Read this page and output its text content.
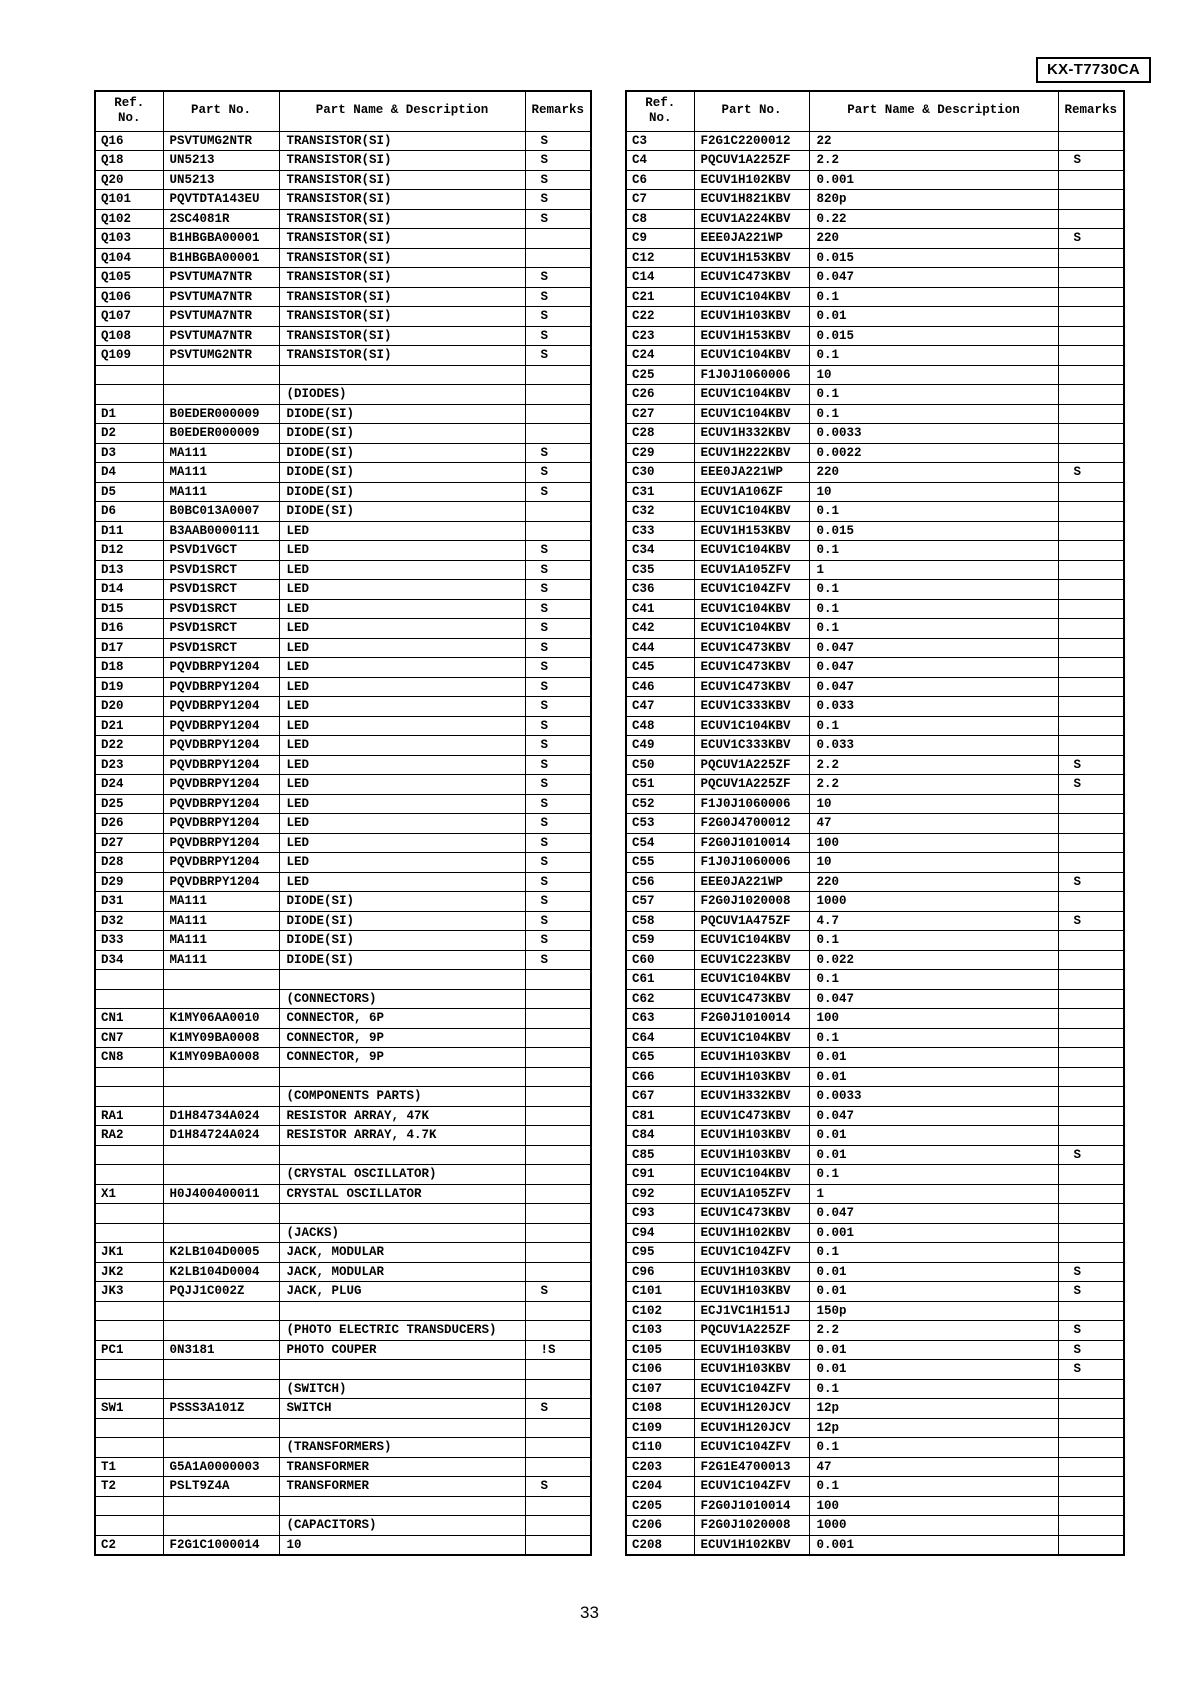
KX-T7730CA
Ref.
No.	Part No.	Part Name & Description	Remarks
Q16	PSVTUMG2NTR	TRANSISTOR(SI)	S
Q18	UN5213	TRANSISTOR(SI)	S
Q20	UN5213	TRANSISTOR(SI)	S
Q101	PQVTDTA143EU	TRANSISTOR(SI)	S
Q102	2SC4081R	TRANSISTOR(SI)	S
Q103	B1HBGBA00001	TRANSISTOR(SI)	
Q104	B1HBGBA00001	TRANSISTOR(SI)	
Q105	PSVTUMA7NTR	TRANSISTOR(SI)	S
Q106	PSVTUMA7NTR	TRANSISTOR(SI)	S
Q107	PSVTUMA7NTR	TRANSISTOR(SI)	S
Q108	PSVTUMA7NTR	TRANSISTOR(SI)	S
Q109	PSVTUMG2NTR	TRANSISTOR(SI)	S

		(DIODES)	
D1	B0EDER000009	DIODE(SI)	
D2	B0EDER000009	DIODE(SI)	
D3	MA111	DIODE(SI)	S
D4	MA111	DIODE(SI)	S
D5	MA111	DIODE(SI)	S
D6	B0BC013A0007	DIODE(SI)	
D11	B3AAB0000111	LED	
D12	PSVD1VGCT	LED	S
D13	PSVD1SRCT	LED	S
D14	PSVD1SRCT	LED	S
D15	PSVD1SRCT	LED	S
D16	PSVD1SRCT	LED	S
D17	PSVD1SRCT	LED	S
D18	PQVDBRPY1204	LED	S
D19	PQVDBRPY1204	LED	S
D20	PQVDBRPY1204	LED	S
D21	PQVDBRPY1204	LED	S
D22	PQVDBRPY1204	LED	S
D23	PQVDBRPY1204	LED	S
D24	PQVDBRPY1204	LED	S
D25	PQVDBRPY1204	LED	S
D26	PQVDBRPY1204	LED	S
D27	PQVDBRPY1204	LED	S
D28	PQVDBRPY1204	LED	S
D29	PQVDBRPY1204	LED	S
D31	MA111	DIODE(SI)	S
D32	MA111	DIODE(SI)	S
D33	MA111	DIODE(SI)	S
D34	MA111	DIODE(SI)	S

		(CONNECTORS)	
CN1	K1MY06AA0010	CONNECTOR, 6P	
CN7	K1MY09BA0008	CONNECTOR, 9P	
CN8	K1MY09BA0008	CONNECTOR, 9P	

		(COMPONENTS PARTS)	
RA1	D1H84734A024	RESISTOR ARRAY, 47K	
RA2	D1H84724A024	RESISTOR ARRAY, 4.7K	

		(CRYSTAL OSCILLATOR)	
X1	H0J400400011	CRYSTAL OSCILLATOR	

		(JACKS)	
JK1	K2LB104D0005	JACK, MODULAR	
JK2	K2LB104D0004	JACK, MODULAR	
JK3	PQJJ1C002Z	JACK, PLUG	S

		(PHOTO ELECTRIC TRANSDUCERS)	
PC1	0N3181	PHOTO COUPER	!S

		(SWITCH)	
SW1	PSSS3A101Z	SWITCH	S

		(TRANSFORMERS)	
T1	G5A1A0000003	TRANSFORMER	
T2	PSLT9Z4A	TRANSFORMER	S

		(CAPACITORS)	
C2	F2G1C1000014	10	
Ref.
No.	Part No.	Part Name & Description	Remarks
C3	F2G1C2200012	22	
C4	PQCUV1A225ZF	2.2	S
C6	ECUV1H102KBV	0.001	
C7	ECUV1H821KBV	820p	
C8	ECUV1A224KBV	0.22	
C9	EEE0JA221WP	220	S
C12	ECUV1H153KBV	0.015	
C14	ECUV1C473KBV	0.047	
C21	ECUV1C104KBV	0.1	
C22	ECUV1H103KBV	0.01	
C23	ECUV1H153KBV	0.015	
C24	ECUV1C104KBV	0.1	
C25	F1J0J1060006	10	
C26	ECUV1C104KBV	0.1	
C27	ECUV1C104KBV	0.1	
C28	ECUV1H332KBV	0.0033	
C29	ECUV1H222KBV	0.0022	
C30	EEE0JA221WP	220	S
C31	ECUV1A106ZF	10	
C32	ECUV1C104KBV	0.1	
C33	ECUV1H153KBV	0.015	
C34	ECUV1C104KBV	0.1	
C35	ECUV1A105ZFV	1	
C36	ECUV1C104ZFV	0.1	
C41	ECUV1C104KBV	0.1	
C42	ECUV1C104KBV	0.1	
C44	ECUV1C473KBV	0.047	
C45	ECUV1C473KBV	0.047	
C46	ECUV1C473KBV	0.047	
C47	ECUV1C333KBV	0.033	
C48	ECUV1C104KBV	0.1	
C49	ECUV1C333KBV	0.033	
C50	PQCUV1A225ZF	2.2	S
C51	PQCUV1A225ZF	2.2	S
C52	F1J0J1060006	10	
C53	F2G0J4700012	47	
C54	F2G0J1010014	100	
C55	F1J0J1060006	10	
C56	EEE0JA221WP	220	S
C57	F2G0J1020008	1000	
C58	PQCUV1A475ZF	4.7	S
C59	ECUV1C104KBV	0.1	
C60	ECUV1C223KBV	0.022	
C61	ECUV1C104KBV	0.1	
C62	ECUV1C473KBV	0.047	
C63	F2G0J1010014	100	
C64	ECUV1C104KBV	0.1	
C65	ECUV1H103KBV	0.01	
C66	ECUV1H103KBV	0.01	
C67	ECUV1H332KBV	0.0033	
C81	ECUV1C473KBV	0.047	
C84	ECUV1H103KBV	0.01	
C85	ECUV1H103KBV	0.01	S
C91	ECUV1C104KBV	0.1	
C92	ECUV1A105ZFV	1	
C93	ECUV1C473KBV	0.047	
C94	ECUV1H102KBV	0.001	
C95	ECUV1C104ZFV	0.1	
C96	ECUV1H103KBV	0.01	S
C101	ECUV1H103KBV	0.01	S
C102	ECJ1VC1H151J	150p	
C103	PQCUV1A225ZF	2.2	S
C105	ECUV1H103KBV	0.01	S
C106	ECUV1H103KBV	0.01	S
C107	ECUV1C104ZFV	0.1	
C108	ECUV1H120JCV	12p	
C109	ECUV1H120JCV	12p	
C110	ECUV1C104ZFV	0.1	
C203	F2G1E4700013	47	
C204	ECUV1C104ZFV	0.1	
C205	F2G0J1010014	100	
C206	F2G0J1020008	1000	
C208	ECUV1H102KBV	0.001	
33
